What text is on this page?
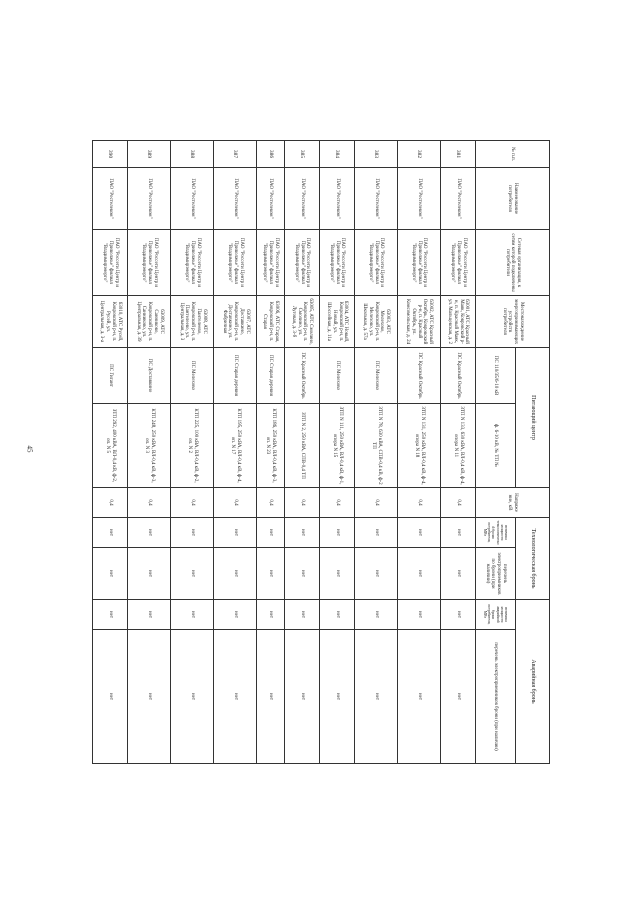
45
№ п.п.	Наименование потребителя	Сетевая организация, к сетям которой подключены потребители	Местонахождение энергопринимающих устройств потребителя	Питающий центр		Напряже ние, кВ	Технологическая бронь		Аварийная бронь	
				ПС 110/35/6-10 кВ	ф. 6-10 кВ, № ТП №		величина мощности технологической брони потребителя, МВт	перечень электроприемников по брони (при наличии)	величина мощности аварийной брони потребителя, МВт	перечень электроприемников брони (при наличии)

381	ПАО "Ростелеком"	ПАО "Россети Центр и Приволжье" филиал "Владимирэнерго"	63001, АТС Красный Маяк, Ковровский р-н, п. Красный Маяк, ул. Мальцевская, д. 2	ПС Красный Октябрь	ЗТП N 133, 630 кВА, ВЛ-0,4 кВ, ф-4, опора N 11	0,4	нет	нет	нет	нет
382	ПАО "Ростелеком"	ПАО "Россети Центр и Приволжье" филиал "Владимирэнерго"	63002, АТС Красный Октябрь, Ковровский р-н, п. Красный Октябрь, ул. Комсомольская, д. 24	ПС Красный Октябрь	ЗТП N 131, 250 кВА, ВЛ-0,4 кВ, ф-4, опора N 18	0,4	нет	нет	нет	нет
383	ПАО "Ростелеком"	ПАО "Россети Центр и Приволжье" филиал "Владимирэнерго"	63003, АТС Мелехово, Ковровский р-н, п. Мелехово, ул. Школьная, д. 57а	ПС Мелехово	ЗТП N 78, 630 кВА, СПВ-0,4 кВ, ф-2 ТП	0,4	нет	нет	нет	нет
384	ПАО "Ростелеком"	ПАО "Россети Центр и Приволжье" филиал "Владимирэнерго"	63004, АТС Новый, Ковровский р-н, п. Новый, ул. Шоссейная, д. 11а	ПС Мелехово	ЗТП N 111, 250 кВА, ВЛ-0,4 кВ, ф-1, опора N 15	0,4	нет	нет	нет	нет
385	ПАО "Ростелеком"	ПАО "Россети Центр и Приволжье" филиал "Владимирэнерго"	63005, АТС Смолино, Ковровский р-н, п. Смолино, ул. Луговая, д. 3-б	ПС Красный Октябрь	ЗТП N 2, 250 кВА, СПВ-0,4 ТП	0,4	нет	нет	нет	нет
386	ПАО "Ростелеком"	ПАО "Россети Центр и Приволжье" филиал "Владимирэнерго"	63006, АТС Старая, Ковровский р-н, п. Старая	ПС Старая деревня	КТП 186, 250 кВА, ВЛ-0,4 кВ, ф-3, оп. N 23	0,4	нет	нет	нет	нет
387	ПАО "Ростелеком"	ПАО "Россети Центр и Приволжье" филиал "Владимирэнерго"	63007, АТС Доставкино, Ковровский р-н, п. Доставкино, ул. Фабричная	ПС Старая деревня	КТП 195, 250 кВА, ВЛ-0,4 кВ, ф-4, оп. N 17	0,4	нет	нет	нет	нет
388	ПАО "Ростелеком"	ПАО "Россети Центр и Приволжье" филиал "Владимирэнерго"	63008, АТС Пантелеево, Ковровский р-н, п. Пантелеево, ул. Центральная, д. 3	ПС Мелехово	КТП 225, 100 кВА, ВЛ-0,4 кВ, ф-2, оп. N 2	0,4	нет	нет	нет	нет
389	ПАО "Ростелеком"	ПАО "Россети Центр и Приволжье" филиал "Владимирэнерго"	63009, АТС Санниково, Ковровский р-н, п. Санниково, ул. Центральная, д. 39	ПС Доставкино	КТП 248, 250 кВА, ВЛ-0,4 кВ, ф-3, оп. N 3	0,4	нет	нет	нет	нет
390	ПАО "Ростелеком"	ПАО "Россети Центр и Приволжье" филиал "Владимирэнерго"	63010, АТС Русей, Ковровский р-н, п. Русей, ул. Центральная, д. 3-а	ПС Гигант	ЗТП 292, 400 кВА, ВЛ-0,4 кВ, ф-2, оп. N 5	0,4	нет	нет	нет	нет
